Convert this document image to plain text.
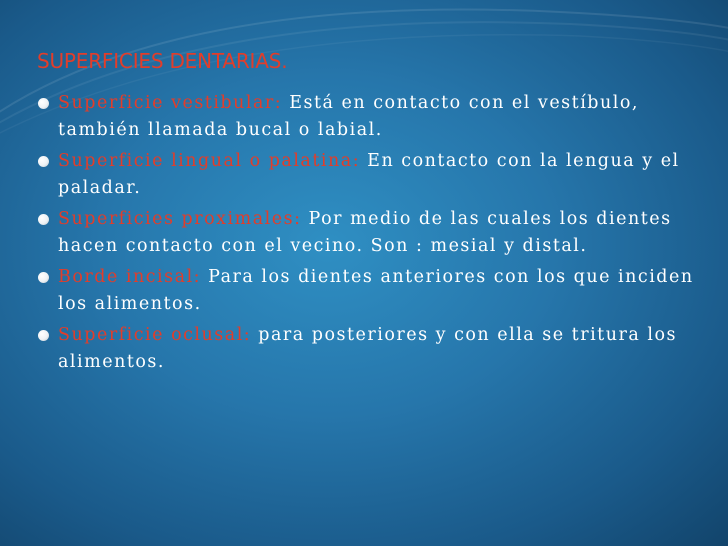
SUPERFICIES DENTARIAS.
Superficie vestibular: Está en contacto con el vestíbulo, también llamada bucal o labial.
Superficie lingual o palatina: En contacto con la lengua y el paladar.
Superficies proximales: Por medio de las cuales los dientes hacen contacto con el vecino. Son : mesial y distal.
Borde incisal: Para los dientes anteriores con los que inciden los alimentos.
Superficie oclusal: para posteriores y con ella se tritura los alimentos.
